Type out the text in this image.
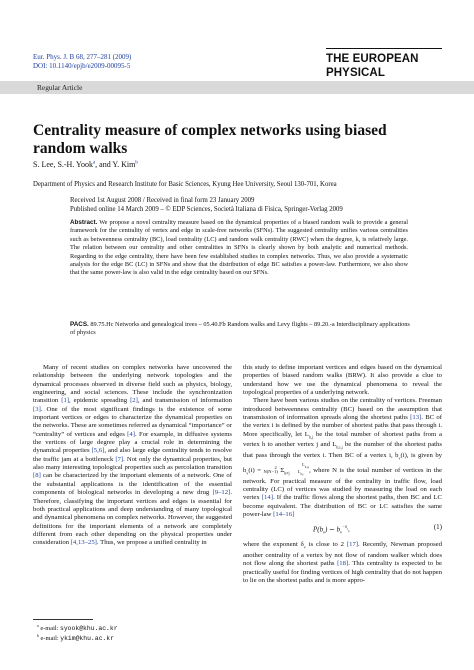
Eur. Phys. J. B 68, 277–281 (2009)
DOI: 10.1140/epjb/e2009-00095-5
THE EUROPEAN
PHYSICAL
Regular Article
Centrality measure of complex networks using biased random walks
S. Lee, S.-H. Yook$^a$, and Y. Kim$^b$
Department of Physics and Research Institute for Basic Sciences, Kyung Hee University, Seoul 130-701, Korea
Received 1st August 2008 / Received in final form 23 January 2009
Published online 14 March 2009 – © EDP Sciences, Società Italiana di Fisica, Springer-Verlag 2009
Abstract. We propose a novel centrality measure based on the dynamical properties of a biased random walk to provide a general framework for the centrality of vertex and edge in scale-free networks (SFNs). The suggested centrality unifies various centralities such as betweenness centrality (BC), load centrality (LC) and random walk centrality (RWC) when the degree, k, is relatively large. The relation between our centrality and other centralities in SFNs is clearly shown by both analytic and numerical methods. Regarding to the edge centrality, there have been few established studies in complex networks. Thus, we also provide a systematic analysis for the edge BC (LC) in SFNs and show that the distribution of edge BC satisfies a power-law. Furthermore, we also show that the same power-law is also valid in the edge centrality based on our SFNs.
PACS. 89.75.Hc Networks and genealogical trees – 05.40.Fb Random walks and Levy flights – 89.20.-a Interdisciplinary applications of physics

Many of recent studies on complex networks have uncovered the relationship between the underlying network topologies and the dynamical processes observed in diverse field such as physics, biology, engineering, and social sciences. These include the synchronization transition [1], epidemic spreading [2], and transmission of information [3]. One of the most significant findings is the existence of some important vertices or edges to characterize the dynamical properties on the networks. These are sometimes referred as dynamical “importance” or “centrality” of vertices and edges [4]. For example, in diffusive systems the vertices of large degree play a crucial role in determining the dynamical properties [5,6], and also large edge centrality tends to resolve the traffic jam at a bottleneck [7]. Not only the dynamical properties, but also many interesting topological properties such as percolation transition [8] can be characterized by the important elements of a network. One of the substantial applications is the identification of the essential components of biological networks in developing a new drug [9–12]. Therefore, classifying the important vertices and edges is essential for both practical applications and deep understanding of many topological and dynamical phenomena on complex networks. However, the suggested definitions for the important elements of a network are completely different from each other depending on the physical properties under consideration [4,13–25]. Thus, we propose a unified centrality in

this study to define important vertices and edges based on the dynamical properties of biased random walks (BRW). It also provide a clue to understand how we use the dynamical phenomena to reveal the topological properties of a underlying network.

There have been various studies on the centrality of vertices. Freeman introduced betweenness centrality (BC) based on the assumption that transmission of information spreads along the shortest paths [13]. BC of the vertex i is defined by the number of shortest paths that pass through i. More specifically, let $L_{h,j}$ be the total number of shortest paths from a vertex h to another vertex j and $L_{h,i,j}$ be the number of the shortest paths that pass through the vertex i. Then BC of a vertex i, $b_v(i)$, is given by $b_v(i) = 2$
N(N−1) $\Sigma_{h\ne j}$ $L_{h,i,j}$
$L_{h,j}$, where N is the total number of vertices in the network. For practical measure of the centrality in traffic flow, load centrality (LC) of vertices was studied by measuring the load on each vertex [14]. If the traffic flows along the shortest paths, then BC and LC become equivalent. The distribution of BC or LC satisfies the same power-law [14–16]

$P(b_v)$ ∼ $b_v^{-\delta_v}$,	(1)

where the exponent $\delta_v$ is close to 2 [17]. Recently, Newman proposed another centrality of a vertex by not flow of random walker which does not flow along the shortest paths [18]. This centrality is expected to be practically useful for finding vertices of high centrality that do not happen to lie on the shortest paths and is more appro-

$^a$ e-mail: syook@khu.ac.kr
$^b$ e-mail: ykim@khu.ac.kr
